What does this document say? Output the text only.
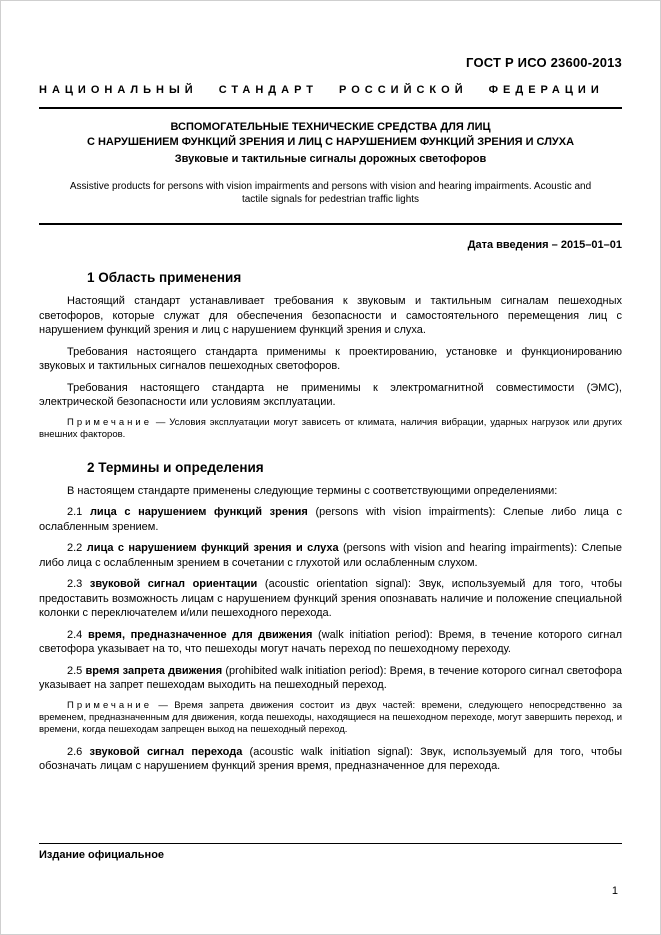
ГОСТ Р ИСО 23600-2013
НАЦИОНАЛЬНЫЙ СТАНДАРТ РОССИЙСКОЙ ФЕДЕРАЦИИ
ВСПОМОГАТЕЛЬНЫЕ ТЕХНИЧЕСКИЕ СРЕДСТВА ДЛЯ ЛИЦ
С НАРУШЕНИЕМ ФУНКЦИЙ ЗРЕНИЯ И ЛИЦ С НАРУШЕНИЕМ ФУНКЦИЙ ЗРЕНИЯ И СЛУХА
Звуковые и тактильные сигналы дорожных светофоров
Assistive products for persons with vision impairments and persons with vision and hearing impairments. Acoustic and tactile signals for pedestrian traffic lights
Дата введения – 2015–01–01
1 Область применения

Настоящий стандарт устанавливает требования к звуковым и тактильным сигналам пешеходных светофоров, которые служат для обеспечения безопасности и самостоятельного перемещения лиц с нарушением функций зрения и лиц с нарушением функций зрения и слуха.

Требования настоящего стандарта применимы к проектированию, установке и функционированию звуковых и тактильных сигналов пешеходных светофоров.

Требования настоящего стандарта не применимы к электромагнитной совместимости (ЭМС), электрической безопасности или условиям эксплуатации.

Примечание — Условия эксплуатации могут зависеть от климата, наличия вибрации, ударных нагрузок или других внешних факторов.

2 Термины и определения

В настоящем стандарте применены следующие термины с соответствующими определениями:

2.1 лица с нарушением функций зрения (persons with vision impairments): Слепые либо лица с ослабленным зрением.

2.2 лица с нарушением функций зрения и слуха (persons with vision and hearing impairments): Слепые либо лица с ослабленным зрением в сочетании с глухотой или ослабленным слухом.

2.3 звуковой сигнал ориентации (acoustic orientation signal): Звук, используемый для того, чтобы предоставить возможность лицам с нарушением функций зрения опознавать наличие и положение специальной колонки с переключателем и/или пешеходного перехода.

2.4 время, предназначенное для движения (walk initiation period): Время, в течение которого сигнал светофора указывает на то, что пешеходы могут начать переход по пешеходному переходу.

2.5 время запрета движения (prohibited walk initiation period): Время, в течение которого сигнал светофора указывает на запрет пешеходам выходить на пешеходный переход.

Примечание — Время запрета движения состоит из двух частей: времени, следующего непосредственно за временем, предназначенным для движения, когда пешеходы, находящиеся на пешеходном переходе, могут завершить переход, и времени, когда пешеходам запрещен выход на пешеходный переход.

2.6 звуковой сигнал перехода (acoustic walk initiation signal): Звук, используемый для того, чтобы обозначать лицам с нарушением функций зрения время, предназначенное для перехода.

Издание официальное
1
